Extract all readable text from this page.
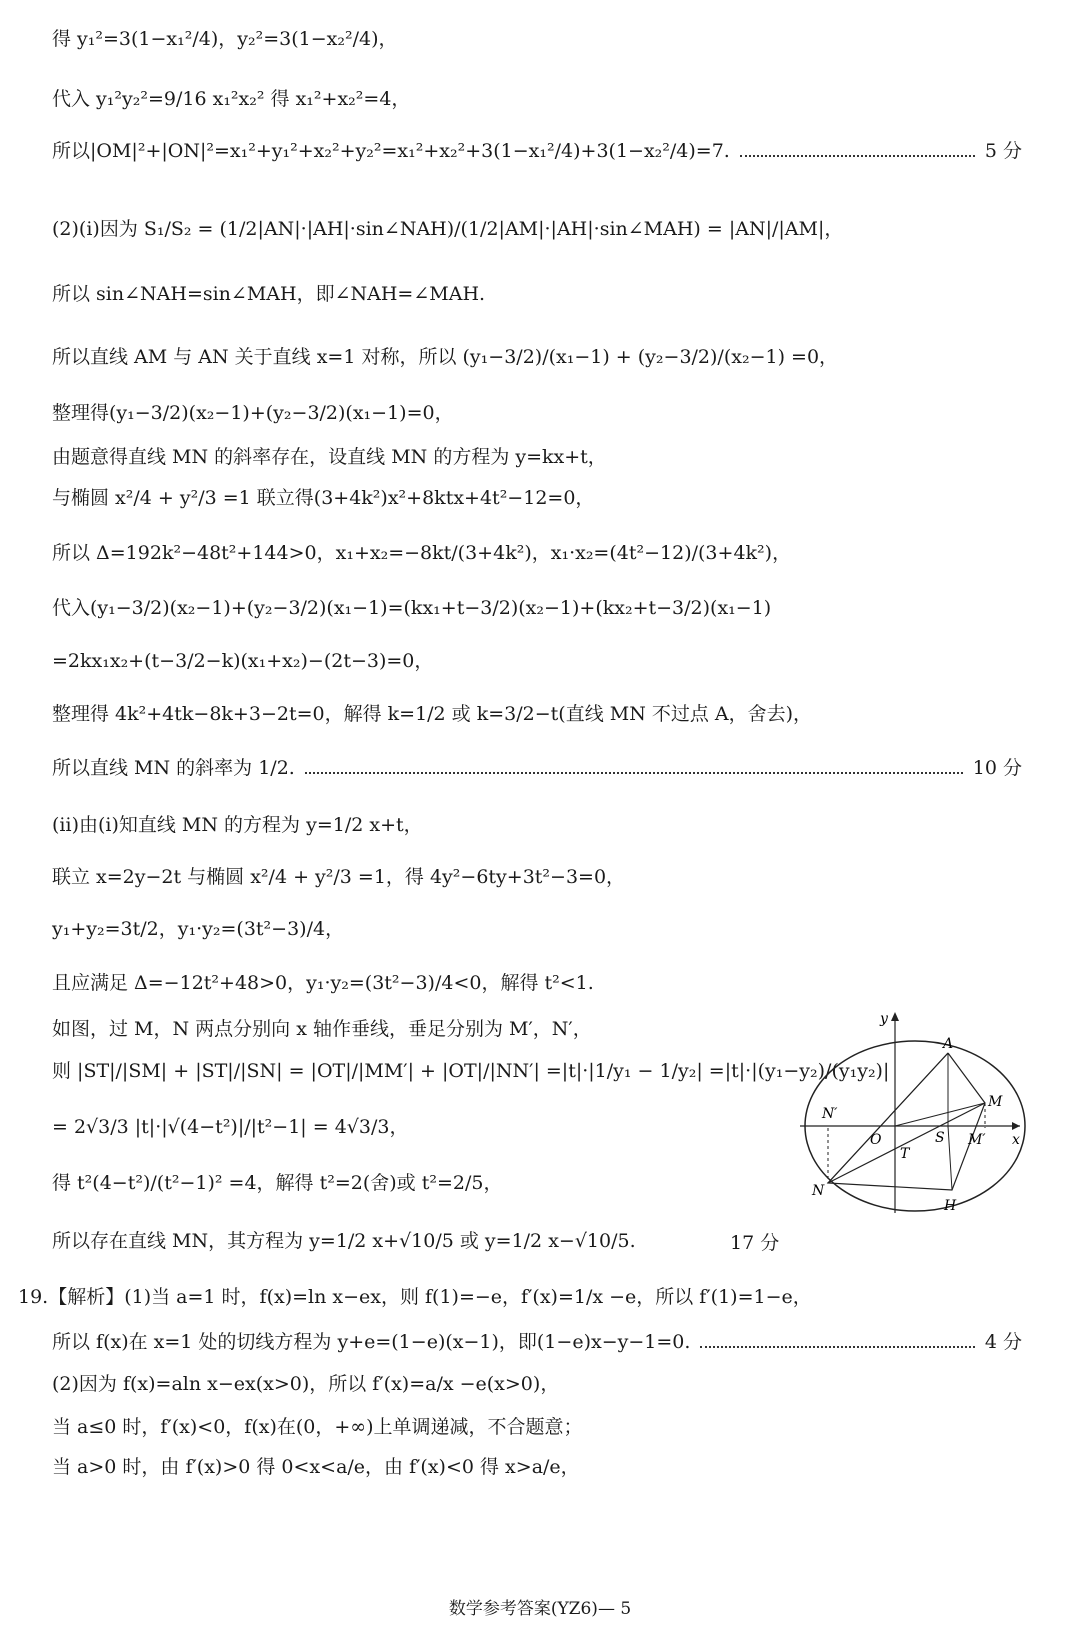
得 y₁²=3(1−x₁²/4)，y₂²=3(1−x₂²/4)，
代入 y₁²y₂²=9/16 x₁²x₂² 得 x₁²+x₂²=4，
所以|OM|²+|ON|²=x₁²+y₁²+x₂²+y₂²=x₁²+x₂²+3(1−x₁²/4)+3(1−x₂²/4)=7.	5 分
(2)(ⅰ)因为 S₁/S₂ = (1/2|AN|·|AH|·sin∠NAH)/(1/2|AM|·|AH|·sin∠MAH) = |AN|/|AM|，
所以 sin∠NAH=sin∠MAH，即∠NAH=∠MAH.
所以直线 AM 与 AN 关于直线 x=1 对称，所以 (y₁−3/2)/(x₁−1) + (y₂−3/2)/(x₂−1) =0，
整理得(y₁−3/2)(x₂−1)+(y₂−3/2)(x₁−1)=0，
由题意得直线 MN 的斜率存在，设直线 MN 的方程为 y=kx+t，
与椭圆 x²/4 + y²/3 =1 联立得(3+4k²)x²+8ktx+4t²−12=0，
所以 Δ=192k²−48t²+144>0，x₁+x₂=−8kt/(3+4k²)，x₁·x₂=(4t²−12)/(3+4k²)，
代入(y₁−3/2)(x₂−1)+(y₂−3/2)(x₁−1)=(kx₁+t−3/2)(x₂−1)+(kx₂+t−3/2)(x₁−1)
=2kx₁x₂+(t−3/2−k)(x₁+x₂)−(2t−3)=0，
整理得 4k²+4tk−8k+3−2t=0，解得 k=1/2 或 k=3/2−t(直线 MN 不过点 A，舍去)，
所以直线 MN 的斜率为 1/2.	10 分
(ⅱ)由(ⅰ)知直线 MN 的方程为 y=1/2 x+t，
联立 x=2y−2t 与椭圆 x²/4 + y²/3 =1，得 4y²−6ty+3t²−3=0，
y₁+y₂=3t/2，y₁·y₂=(3t²−3)/4，
且应满足 Δ=−12t²+48>0，y₁·y₂=(3t²−3)/4<0，解得 t²<1.
如图，过 M，N 两点分别向 x 轴作垂线，垂足分别为 M′，N′，
则 |ST|/|SM| + |ST|/|SN| = |OT|/|MM′| + |OT|/|NN′| =|t|·|1/y₁ − 1/y₂| =|t|·|(y₁−y₂)/(y₁y₂)|
= 2√3/3 |t|·|√(4−t²)|/|t²−1| = 4√3/3，
得 t²(4−t²)/(t²−1)² =4，解得 t²=2(舍)或 t²=2/5，
所以存在直线 MN，其方程为 y=1/2 x+√10/5 或 y=1/2 x−√10/5.	17 分
19.【解析】(1)当 a=1 时，f(x)=ln x−ex，则 f(1)=−e，f′(x)=1/x −e，所以 f′(1)=1−e，
所以 f(x)在 x=1 处的切线方程为 y+e=(1−e)(x−1)，即(1−e)x−y−1=0.	4 分
(2)因为 f(x)=aln x−ex(x>0)，所以 f′(x)=a/x −e(x>0)，
当 a≤0 时，f′(x)<0，f(x)在(0，+∞)上单调递减，不合题意；
当 a>0 时，由 f′(x)>0 得 0<x<a/e，由 f′(x)<0 得 x>a/e，
y
x
A
M
N′
O	S M′
T
N
H
数学参考答案(YZ6)— 5
